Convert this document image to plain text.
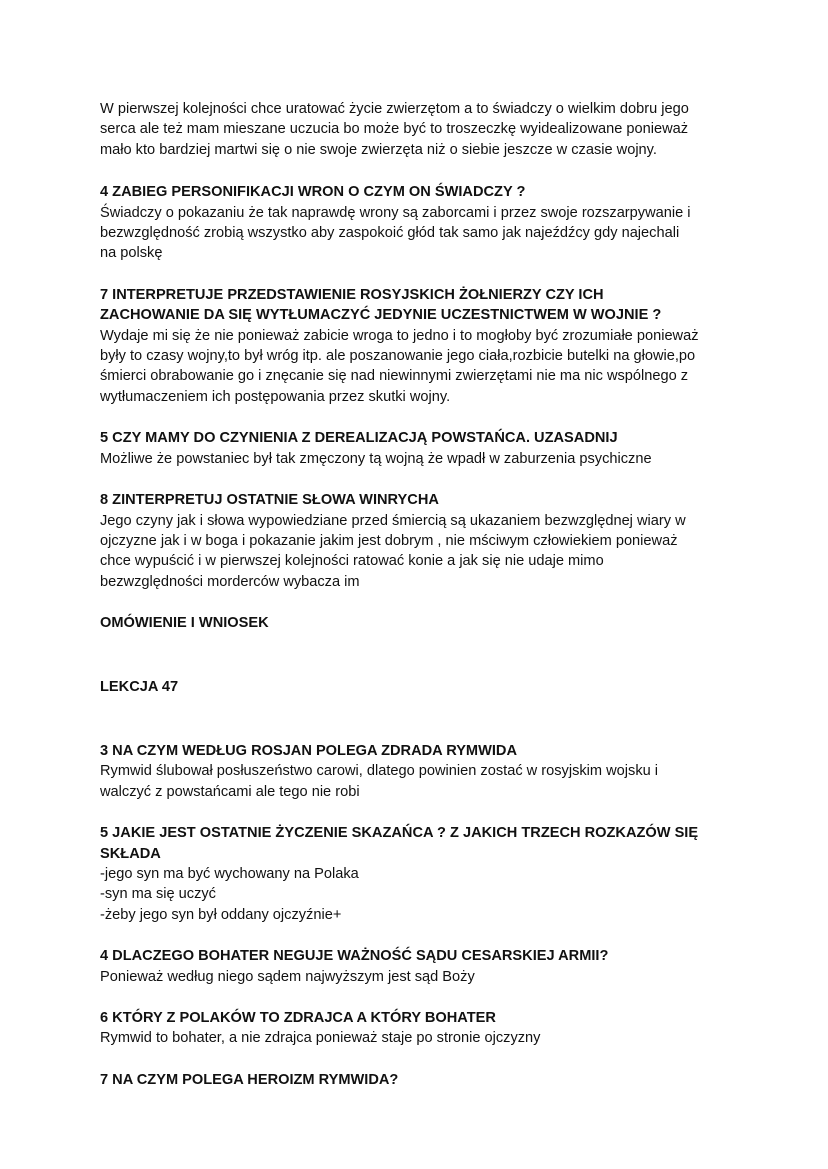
W pierwszej kolejności chce uratować życie zwierzętom a to świadczy o wielkim dobru jego
serca ale też mam mieszane uczucia bo może być to troszeczkę wyidealizowane ponieważ
mało kto bardziej martwi się o nie swoje zwierzęta niż o siebie jeszcze w czasie wojny.

4 ZABIEG PERSONIFIKACJI WRON O CZYM ON ŚWIADCZY ?

Świadczy o pokazaniu że tak naprawdę wrony są zaborcami i przez swoje rozszarpywanie i
bezwzględność zrobią wszystko aby zaspokoić głód tak samo jak najeźdźcy gdy najechali
na polskę

7 INTERPRETUJE PRZEDSTAWIENIE ROSYJSKICH ŻOŁNIERZY CZY ICH
ZACHOWANIE DA SIĘ WYTŁUMACZYĆ JEDYNIE UCZESTNICTWEM W WOJNIE ?

Wydaje mi się że nie ponieważ zabicie wroga to jedno i to mogłoby być zrozumiałe ponieważ
były to czasy wojny,to był wróg itp. ale poszanowanie jego ciała,rozbicie butelki na głowie,po
śmierci obrabowanie go i znęcanie się nad niewinnymi zwierzętami nie ma nic wspólnego z
wytłumaczeniem ich postępowania przez skutki wojny.

5 CZY MAMY DO CZYNIENIA Z DEREALIZACJĄ POWSTAŃCA. UZASADNIJ

Możliwe że powstaniec był tak zmęczony tą wojną że wpadł w zaburzenia psychiczne

8 ZINTERPRETUJ OSTATNIE SŁOWA WINRYCHA

Jego czyny jak i słowa wypowiedziane przed śmiercią są ukazaniem bezwzględnej wiary w
ojczyzne jak i w boga i pokazanie jakim jest dobrym , nie mściwym człowiekiem ponieważ
chce wypuścić i w pierwszej kolejności ratować konie a jak się nie udaje mimo
bezwzględności morderców wybacza im

OMÓWIENIE I WNIOSEK

LEKCJA 47

3 NA CZYM WEDŁUG ROSJAN POLEGA ZDRADA RYMWIDA

Rymwid ślubował posłuszeństwo carowi, dlatego powinien zostać w rosyjskim wojsku i
walczyć z powstańcami ale tego nie robi

5 JAKIE JEST OSTATNIE ŻYCZENIE SKAZAŃCA ? Z JAKICH TRZECH ROZKAZÓW SIĘ
SKŁADA

-jego syn ma być wychowany na Polaka
-syn ma się uczyć
-żeby jego syn był oddany ojczyźnie+

4 DLACZEGO BOHATER NEGUJE WAŻNOŚĆ SĄDU CESARSKIEJ ARMII?

Ponieważ według niego sądem najwyższym jest sąd Boży

6 KTÓRY Z POLAKÓW TO ZDRAJCA A KTÓRY BOHATER

Rymwid to bohater, a nie zdrajca ponieważ staje po stronie ojczyzny

7 NA CZYM POLEGA HEROIZM RYMWIDA?
